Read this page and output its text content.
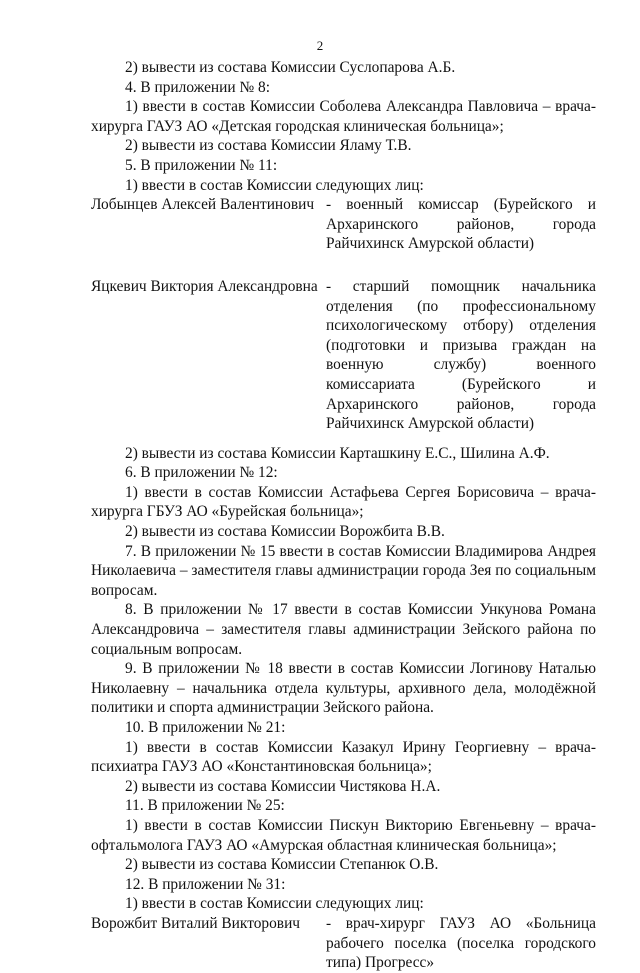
2

2) вывести из состава Комиссии Суслопарова А.Б.

4. В приложении № 8:

1) ввести в состав Комиссии Соболева Александра Павловича – врача-хирурга ГАУЗ АО «Детская городская клиническая больница»;

2) вывести из состава Комиссии Яламу Т.В.

5. В приложении № 11:

1) ввести в состав Комиссии следующих лиц:

Лобынцев Алексей Валентинович - военный комиссар (Бурейского и Архаринского районов, города Райчихинск Амурской области)
Яцкевич Виктория Александровна - старший помощник начальника отделения (по профессиональному психологическому отбору) отделения (подготовки и призыва граждан на военную службу) военного комиссариата (Бурейского и Архаринского районов, города Райчихинск Амурской области)

2) вывести из состава Комиссии Карташкину Е.С., Шилина А.Ф.

6. В приложении № 12:

1) ввести в состав Комиссии Астафьева Сергея Борисовича – врача-хирурга ГБУЗ АО «Бурейская больница»;

2) вывести из состава Комиссии Ворожбита В.В.

7. В приложении № 15 ввести в состав Комиссии Владимирова Андрея Николаевича – заместителя главы администрации города Зея по социальным вопросам.

8. В приложении № 17 ввести в состав Комиссии Ункунова Романа Александровича – заместителя главы администрации Зейского района по социальным вопросам.

9. В приложении № 18 ввести в состав Комиссии Логинову Наталью Николаевну – начальника отдела культуры, архивного дела, молодёжной политики и спорта администрации Зейского района.

10. В приложении № 21:

1) ввести в состав Комиссии Казакул Ирину Георгиевну – врача-психиатра ГАУЗ АО «Константиновская больница»;

2) вывести из состава Комиссии Чистякова Н.А.

11. В приложении № 25:

1) ввести в состав Комиссии Пискун Викторию Евгеньевну – врача-офтальмолога ГАУЗ АО «Амурская областная клиническая больница»;

2) вывести из состава Комиссии Степанюк О.В.

12. В приложении № 31:

1) ввести в состав Комиссии следующих лиц:

Ворожбит Виталий Викторович	- врач-хирург ГАУЗ АО «Больница рабочего поселка (поселка городского типа) Прогресс»
